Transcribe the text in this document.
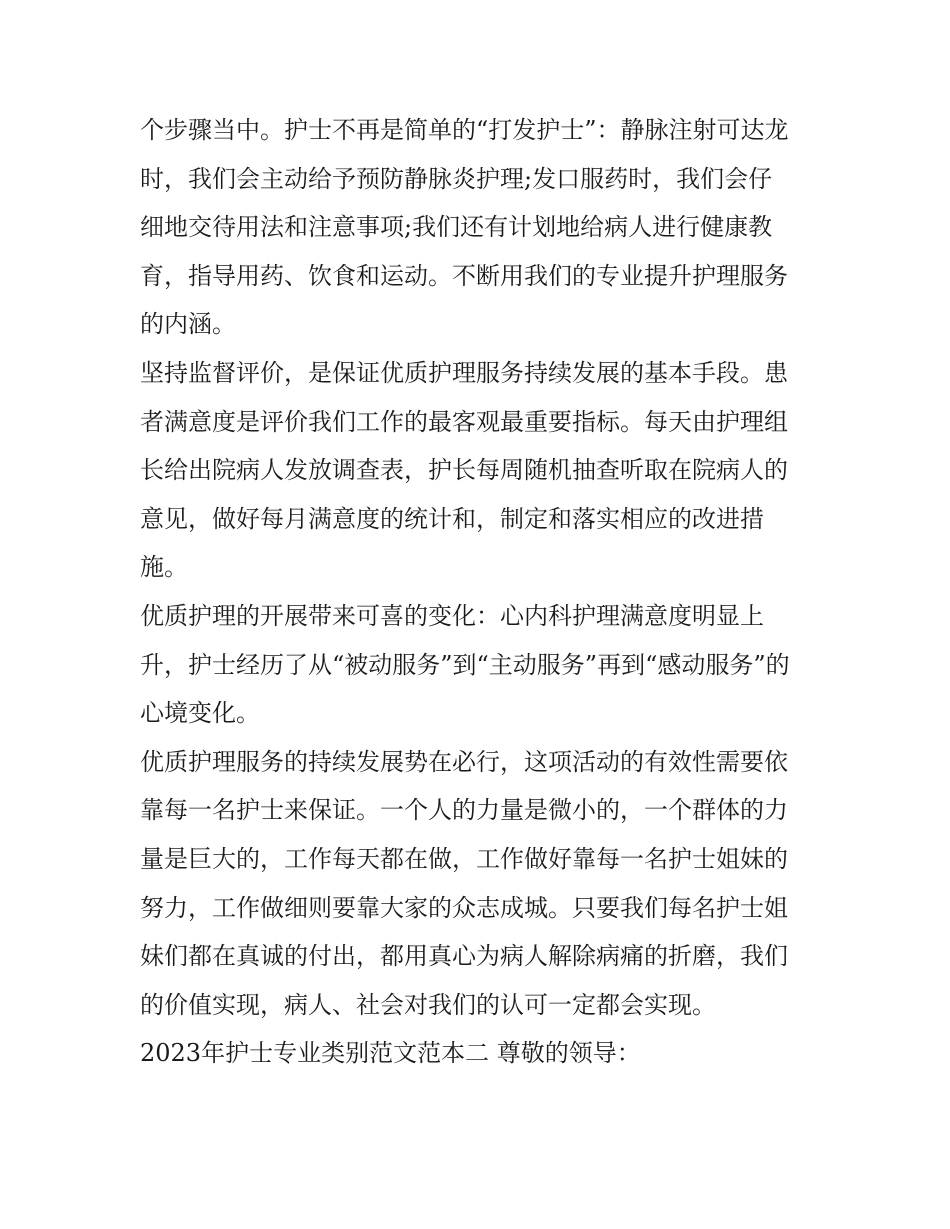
个步骤当中。护士不再是简单的“打发护士”：静脉注射可达龙
时，我们会主动给予预防静脉炎护理;发口服药时，我们会仔
细地交待用法和注意事项;我们还有计划地给病人进行健康教
育，指导用药、饮食和运动。不断用我们的专业提升护理服务
的内涵。
坚持监督评价，是保证优质护理服务持续发展的基本手段。患
者满意度是评价我们工作的最客观最重要指标。每天由护理组
长给出院病人发放调查表，护长每周随机抽查听取在院病人的
意见，做好每月满意度的统计和，制定和落实相应的改进措
施。
优质护理的开展带来可喜的变化：心内科护理满意度明显上
升，护士经历了从“被动服务”到“主动服务”再到“感动服务”的
心境变化。
优质护理服务的持续发展势在必行，这项活动的有效性需要依
靠每一名护士来保证。一个人的力量是微小的，一个群体的力
量是巨大的，工作每天都在做，工作做好靠每一名护士姐妹的
努力，工作做细则要靠大家的众志成城。只要我们每名护士姐
妹们都在真诚的付出，都用真心为病人解除病痛的折磨，我们
的价值实现，病人、社会对我们的认可一定都会实现。
2023年护士专业类别范文范本二 尊敬的领导：
